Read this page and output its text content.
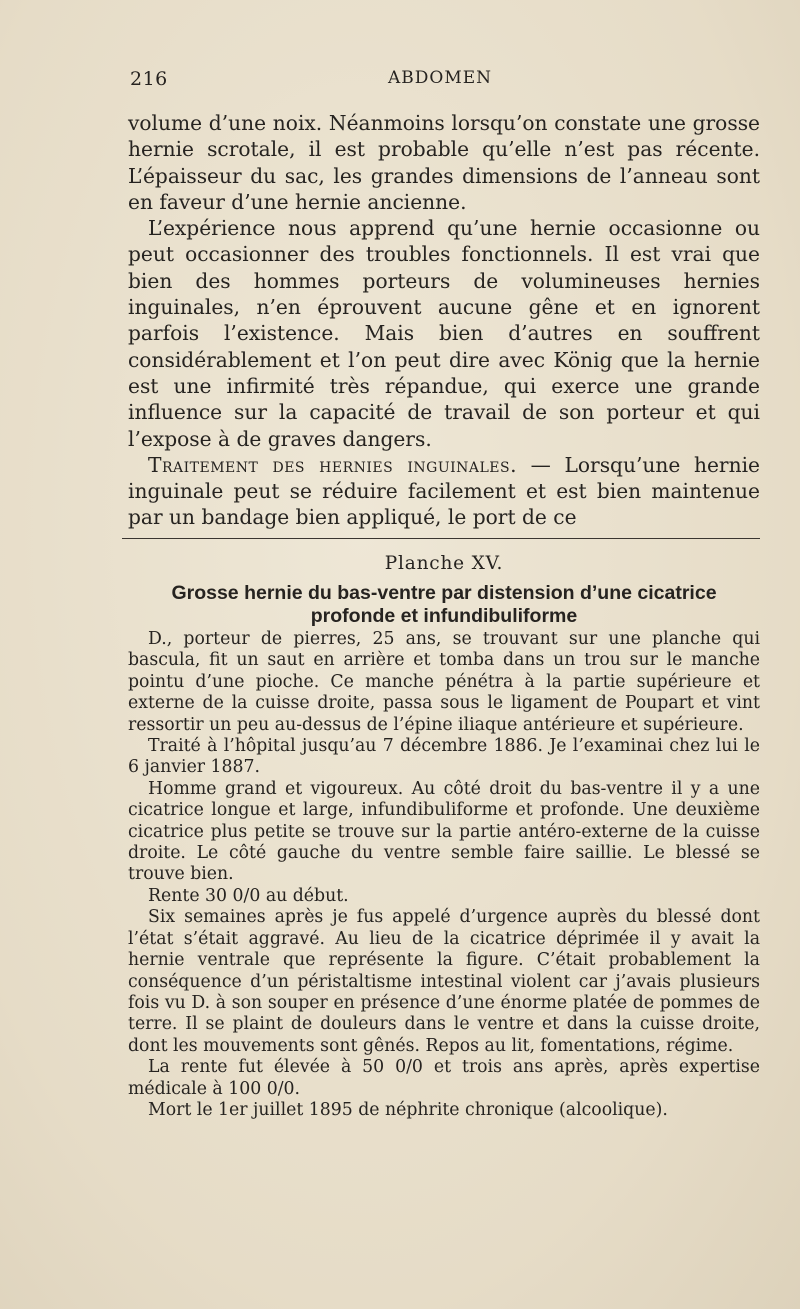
216	ABDOMEN

volume d’une noix. Néanmoins lorsqu’on constate une grosse hernie scrotale, il est probable qu’elle n’est pas récente. L’épaisseur du sac, les grandes dimensions de l’anneau sont en faveur d’une hernie ancienne.

L’expérience nous apprend qu’une hernie occasionne ou peut occasionner des troubles fonctionnels. Il est vrai que bien des hommes porteurs de volumineuses hernies inguinales, n’en éprouvent aucune gêne et en ignorent parfois l’existence. Mais bien d’autres en souffrent considérablement et l’on peut dire avec König que la hernie est une infirmité très répandue, qui exerce une grande influence sur la capacité de travail de son porteur et qui l’expose à de graves dangers.

Traitement des hernies inguinales. — Lorsqu’une hernie inguinale peut se réduire facilement et est bien maintenue par un bandage bien appliqué, le port de ce

Planche XV.
Grosse hernie du bas-ventre par distension d’une cicatrice profonde et infundibuliforme

D., porteur de pierres, 25 ans, se trouvant sur une planche qui bascula, fit un saut en arrière et tomba dans un trou sur le manche pointu d’une pioche. Ce manche pénétra à la partie supérieure et externe de la cuisse droite, passa sous le ligament de Poupart et vint ressortir un peu au-dessus de l’épine iliaque antérieure et supérieure.

Traité à l’hôpital jusqu’au 7 décembre 1886. Je l’examinai chez lui le 6 janvier 1887.

Homme grand et vigoureux. Au côté droit du bas-ventre il y a une cicatrice longue et large, infundibuliforme et profonde. Une deuxième cicatrice plus petite se trouve sur la partie antéro-externe de la cuisse droite. Le côté gauche du ventre semble faire saillie. Le blessé se trouve bien.

Rente 30 0/0 au début.

Six semaines après je fus appelé d’urgence auprès du blessé dont l’état s’était aggravé. Au lieu de la cicatrice déprimée il y avait la hernie ventrale que représente la figure. C’était probablement la conséquence d’un péristaltisme intestinal violent car j’avais plusieurs fois vu D. à son souper en présence d’une énorme platée de pommes de terre. Il se plaint de douleurs dans le ventre et dans la cuisse droite, dont les mouvements sont gênés. Repos au lit, fomentations, régime.

La rente fut élevée à 50 0/0 et trois ans après, après expertise médicale à 100 0/0.

Mort le 1er juillet 1895 de néphrite chronique (alcoolique).
